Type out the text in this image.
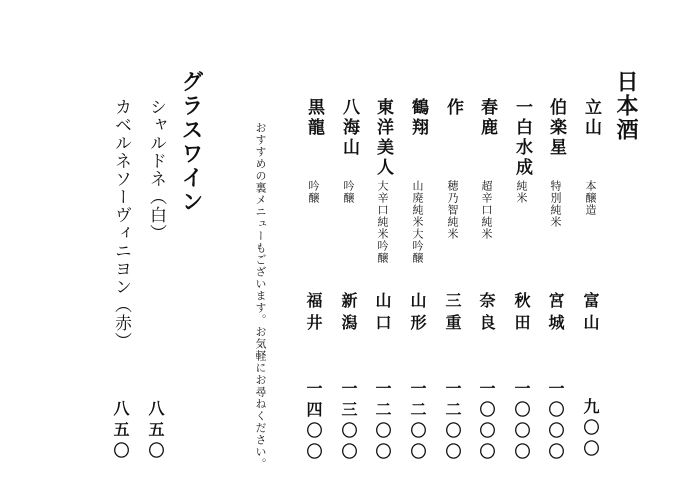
日本酒
立山
本醸造
富山
九〇〇
伯楽星
特別純米
宮城
一〇〇〇
一白水成
純米
秋田
一〇〇〇
春鹿
超辛口純米
奈良
一〇〇〇
作
穂乃智純米
三重
一二〇〇
鶴翔
山廃純米大吟醸
山形
一二〇〇
東洋美人
大辛口純米吟醸
山口
一二〇〇
八海山
吟醸
新潟
一三〇〇
黒龍
吟醸
福井
一四〇〇
おすすめの裏メニューもございます。お気軽にお尋ねください。
グラスワイン
シャルドネ（白）
八五〇
カベルネソーヴィニヨン（赤）
八五〇
